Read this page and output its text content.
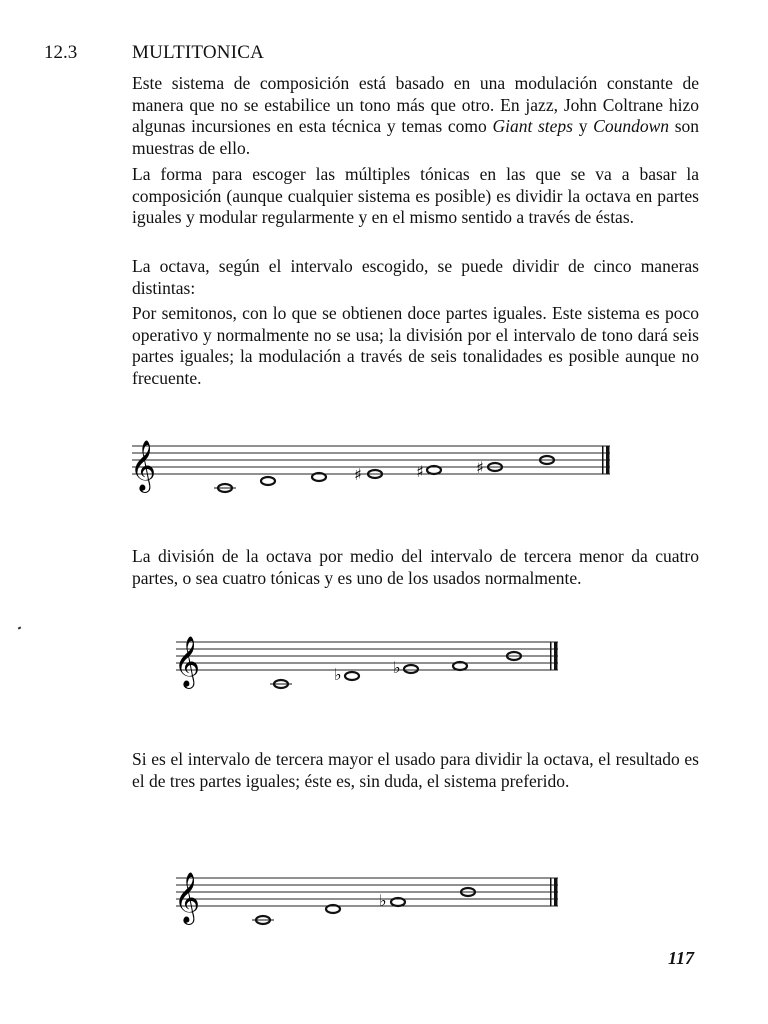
12.3	MULTITONICA

Este sistema de composición está basado en una modulación constante de manera que no se estabilice un tono más que otro. En jazz, John Coltrane hizo algunas incursiones en esta técnica y temas como Giant steps y Coundown son muestras de ello.

La forma para escoger las múltiples tónicas en las que se va a basar la composición (aunque cualquier sistema es posible) es dividir la octava en partes iguales y modular regularmente y en el mismo sentido a través de éstas.

La octava, según el intervalo escogido, se puede dividir de cinco maneras distintas:

Por semitonos, con lo que se obtienen doce partes iguales. Este sistema es poco operativo y normalmente no se usa; la división por el intervalo de tono dará seis partes iguales; la modulación a través de seis tonalidades es posible aunque no frecuente.

𝄞	♯	♯	♯

La división de la octava por medio del intervalo de tercera menor da cuatro partes, o sea cuatro tónicas y es uno de los usados normalmente.

𝄞	♭	♭

Si es el intervalo de tercera mayor el usado para dividir la octava, el resultado es el de tres partes iguales; éste es, sin duda, el sistema preferido.

𝄞	♭
117
